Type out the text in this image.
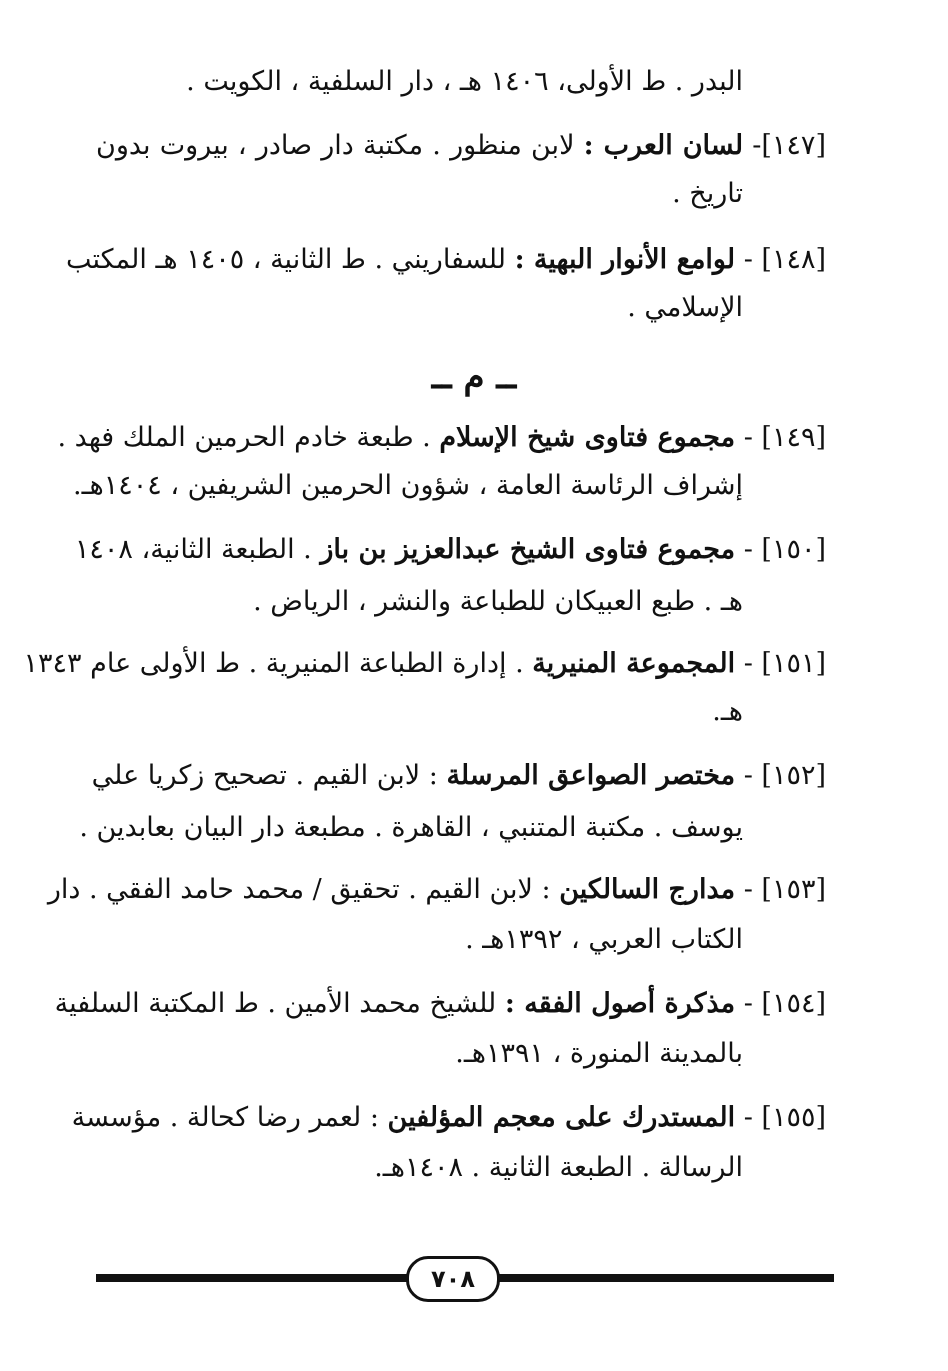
البدر . ط الأولى، ١٤٠٦ هـ ، دار السلفية ، الكويت .
[١٤٧]- لسان العرب : لابن منظور . مكتبة دار صادر ، بيروت بدون
تاريخ .
[١٤٨] - لوامع الأنوار البهية : للسفاريني . ط الثانية ، ١٤٠٥ هـ المكتب
الإسلامي .
ــ م ــ
[١٤٩] - مجموع فتاوى شيخ الإسلام . طبعة خادم الحرمين الملك فهد .
إشراف الرئاسة العامة ، شؤون الحرمين الشريفين ، ١٤٠٤هـ.
[١٥٠] - مجموع فتاوى الشيخ عبدالعزيز بن باز . الطبعة الثانية، ١٤٠٨
هـ . طبع العبيكان للطباعة والنشر ، الرياض .
[١٥١] - المجموعة المنيرية . إدارة الطباعة المنيرية . ط الأولى عام ١٣٤٣
هـ.
[١٥٢] - مختصر الصواعق المرسلة : لابن القيم . تصحيح زكريا علي
يوسف . مكتبة المتنبي ، القاهرة . مطبعة دار البيان بعابدين .
[١٥٣] - مدارج السالكين : لابن القيم . تحقيق / محمد حامد الفقي . دار
الكتاب العربي ، ١٣٩٢هـ .
[١٥٤] - مذكرة أصول الفقه : للشيخ محمد الأمين . ط المكتبة السلفية
بالمدينة المنورة ، ١٣٩١هـ.
[١٥٥] - المستدرك على معجم المؤلفين : لعمر رضا كحالة . مؤسسة
الرسالة . الطبعة الثانية . ١٤٠٨هـ.
٧٠٨
